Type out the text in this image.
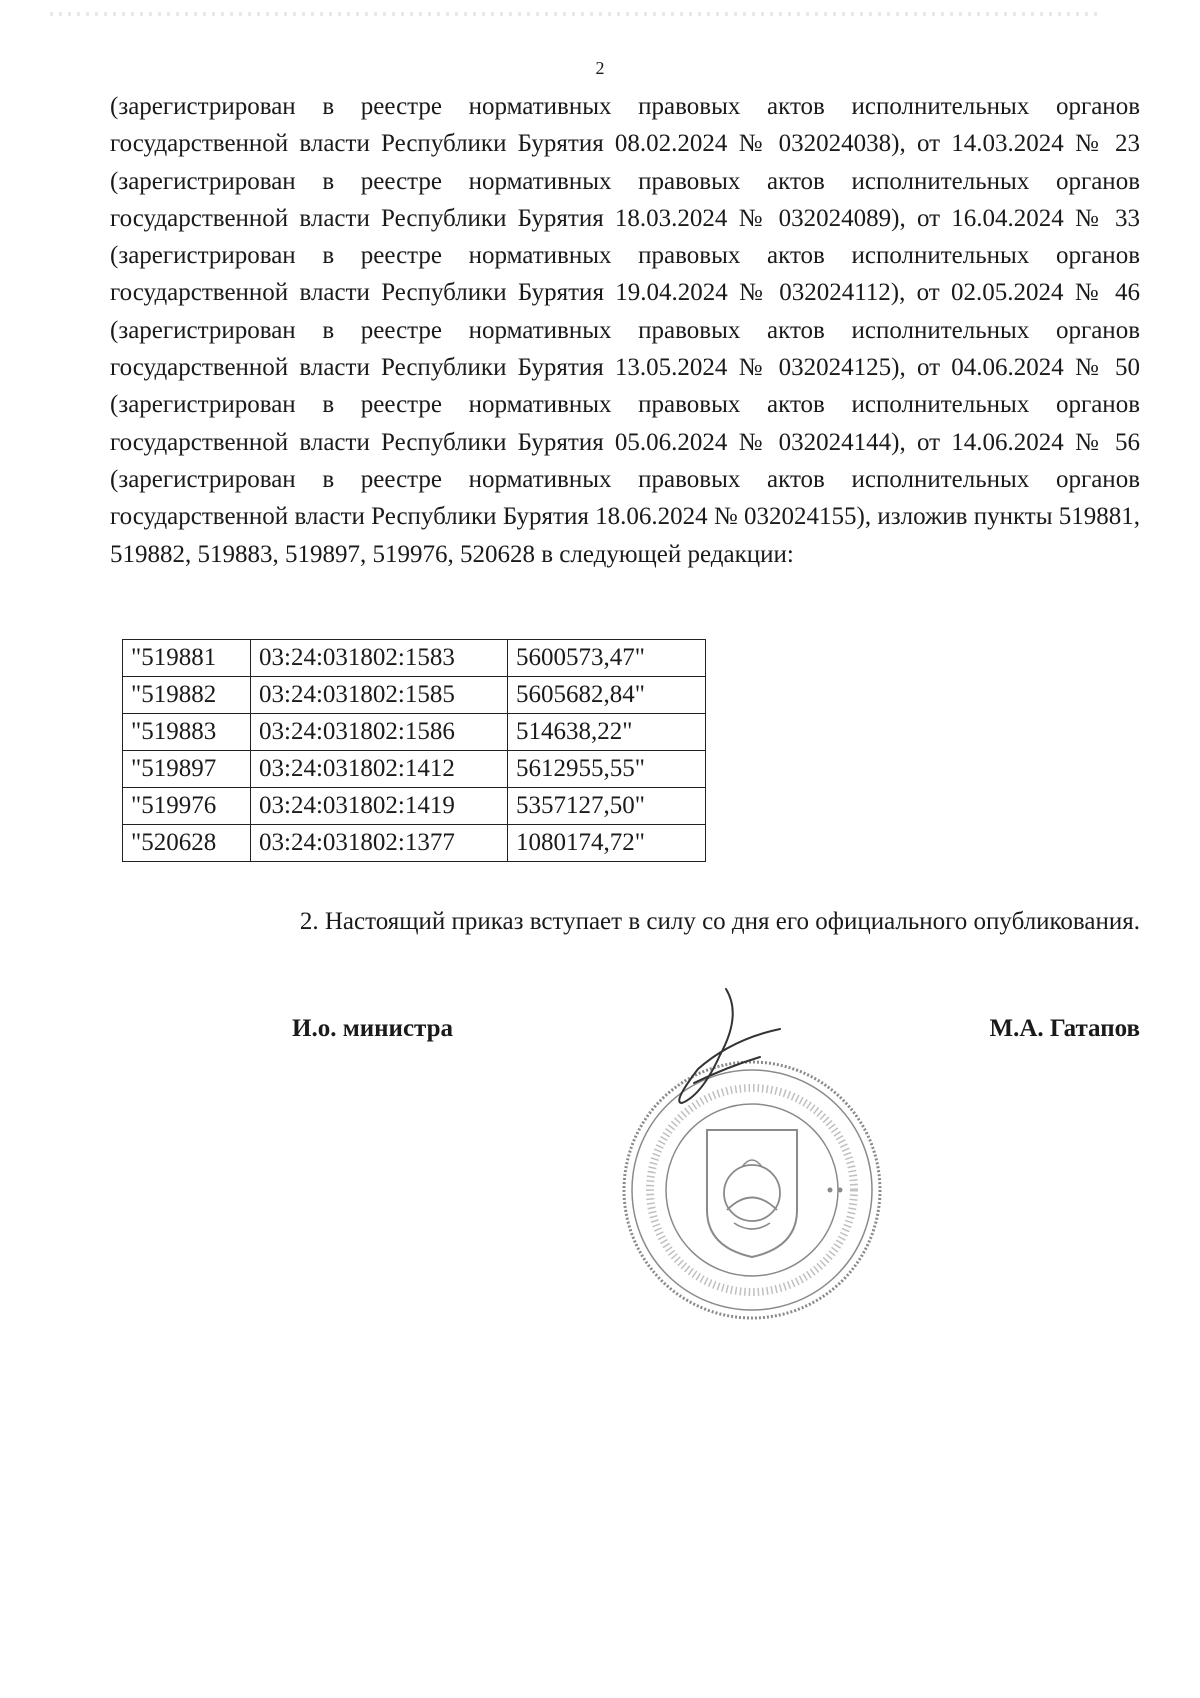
2

(зарегистрирован в реестре нормативных правовых актов исполнительных органов государственной власти Республики Бурятия 08.02.2024 № 032024038), от 14.03.2024 № 23 (зарегистрирован в реестре нормативных правовых актов исполнительных органов государственной власти Республики Бурятия 18.03.2024 № 032024089), от 16.04.2024 № 33 (зарегистрирован в реестре нормативных правовых актов исполнительных органов государственной власти Республики Бурятия 19.04.2024 № 032024112), от 02.05.2024 № 46 (зарегистрирован в реестре нормативных правовых актов исполнительных органов государственной власти Республики Бурятия 13.05.2024 № 032024125), от 04.06.2024 № 50 (зарегистрирован в реестре нормативных правовых актов исполнительных органов государственной власти Республики Бурятия 05.06.2024 № 032024144), от 14.06.2024 № 56 (зарегистрирован в реестре нормативных правовых актов исполнительных органов государственной власти Республики Бурятия 18.06.2024 № 032024155), изложив пункты 519881, 519882, 519883, 519897, 519976, 520628 в следующей редакции:

"519881	03:24:031802:1583	5600573,47"
"519882	03:24:031802:1585	5605682,84"
"519883	03:24:031802:1586	514638,22"
"519897	03:24:031802:1412	5612955,55"
"519976	03:24:031802:1419	5357127,50"
"520628	03:24:031802:1377	1080174,72"
2. Настоящий приказ вступает в силу со дня его официального опубликования.
И.о. министра	М.А. Гатапов
